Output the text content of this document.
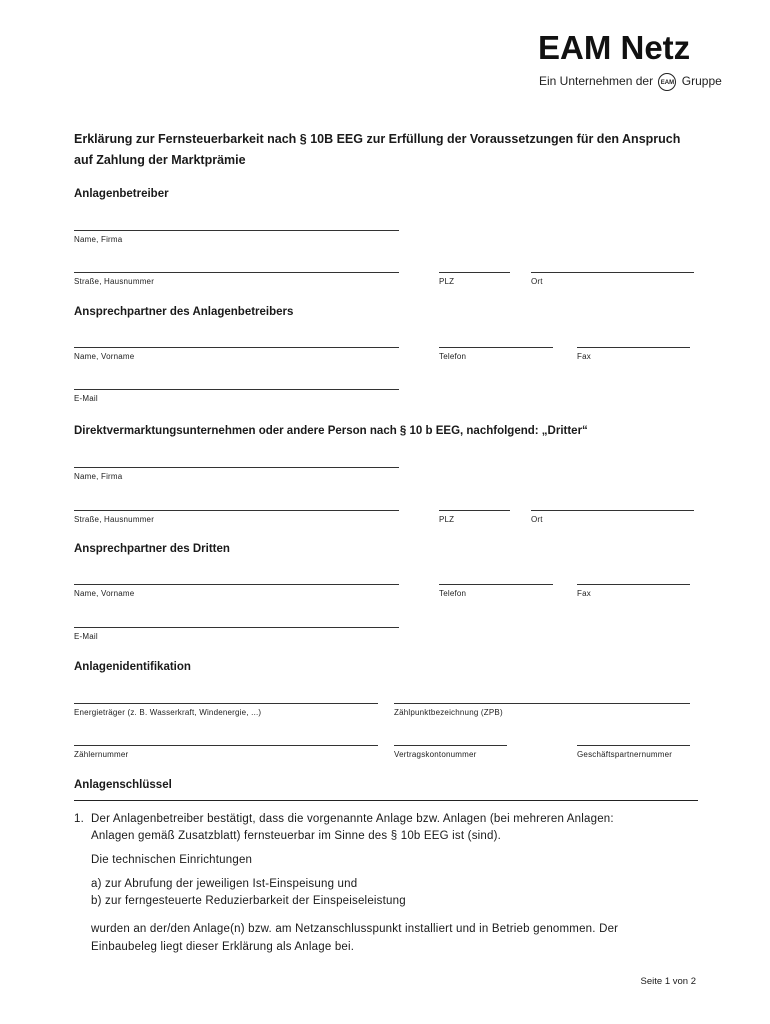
EAM Netz
Ein Unternehmen der EAM Gruppe
Erklärung zur Fernsteuerbarkeit nach § 10B EEG zur Erfüllung der Voraussetzungen für den Anspruch auf Zahlung der Marktprämie
Anlagenbetreiber
Name, Firma
Straße, Hausnummer	PLZ	Ort
Ansprechpartner des Anlagenbetreibers
Name, Vorname	Telefon	Fax
E-Mail
Direktvermarktungsunternehmen oder andere Person nach § 10 b EEG, nachfolgend: „Dritter“
Name, Firma
Straße, Hausnummer	PLZ	Ort
Ansprechpartner des Dritten
Name, Vorname	Telefon	Fax
E-Mail
Anlagenidentifikation
Energieträger (z. B. Wasserkraft, Windenergie, ...)	Zählpunktbezeichnung (ZPB)
Zählernummer	Vertragskontonummer	Geschäftspartnernummer
Anlagenschlüssel
1. Der Anlagenbetreiber bestätigt, dass die vorgenannte Anlage bzw. Anlagen (bei mehreren Anlagen:
Anlagen gemäß Zusatzblatt) fernsteuerbar im Sinne des § 10b EEG ist (sind).
Die technischen Einrichtungen
a) zur Abrufung der jeweiligen Ist-Einspeisung und
b) zur ferngesteuerte Reduzierbarkeit der Einspeiseleistung
wurden an der/den Anlage(n) bzw. am Netzanschlusspunkt installiert und in Betrieb genommen. Der
Einbaubeleg liegt dieser Erklärung als Anlage bei.
Seite 1 von 2
